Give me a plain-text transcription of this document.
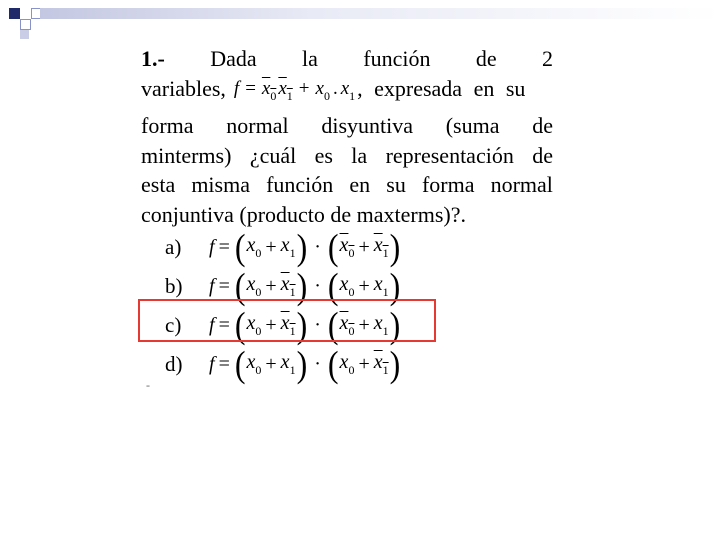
1.- Dada la función de 2
variables, $f = x_0$ $x_1 + x_0$ . $x_1$ , expresada en su
forma normal disyuntiva (suma de
minterms) ¿cuál es la representación de
esta misma función en su forma normal
conjuntiva (producto de maxterms)?.
a)	f = ( $x_0 + x_1$ ) · ( $x_0 + x_1$ )
b)	f = ( $x_0 + x_1$ ) · ( $x_0 + x_1$ )
c)	f = ( $x_0 + x_1$ ) · ( $x_0 + x_1$ )
d)	f = ( $x_0 + x_1$ ) · ( $x_0 + x_1$ )
-
